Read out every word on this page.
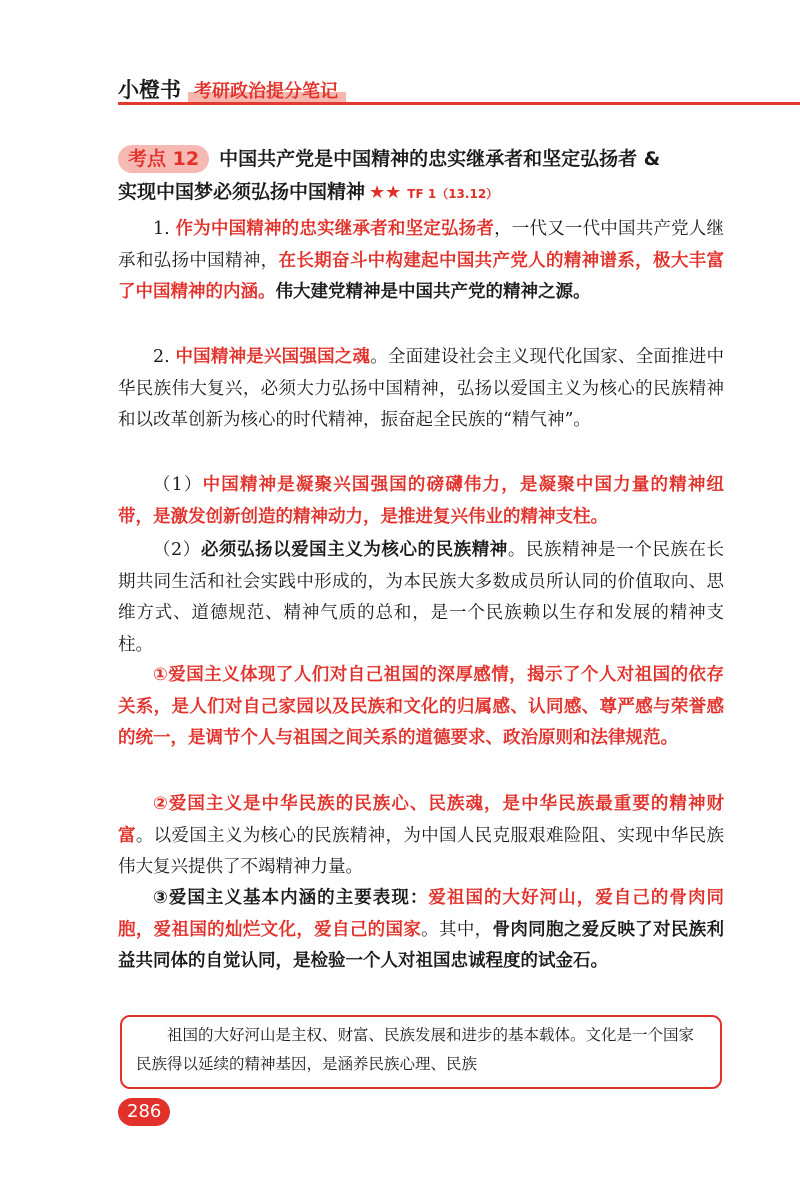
小橙书 考研政治提分笔记
考点 12 中国共产党是中国精神的忠实继承者和坚定弘扬者 &
实现中国梦必须弘扬中国精神 ★★ TF 1（13.12）
1. 作为中国精神的忠实继承者和坚定弘扬者，一代又一代中国共产党人继承和弘扬中国精神，在长期奋斗中构建起中国共产党人的精神谱系，极大丰富了中国精神的内涵。伟大建党精神是中国共产党的精神之源。
2. 中国精神是兴国强国之魂。全面建设社会主义现代化国家、全面推进中华民族伟大复兴，必须大力弘扬中国精神，弘扬以爱国主义为核心的民族精神和以改革创新为核心的时代精神，振奋起全民族的“精气神”。
（1）中国精神是凝聚兴国强国的磅礴伟力，是凝聚中国力量的精神纽带，是激发创新创造的精神动力，是推进复兴伟业的精神支柱。
（2）必须弘扬以爱国主义为核心的民族精神。民族精神是一个民族在长期共同生活和社会实践中形成的，为本民族大多数成员所认同的价值取向、思维方式、道德规范、精神气质的总和，是一个民族赖以生存和发展的精神支柱。
①爱国主义体现了人们对自己祖国的深厚感情，揭示了个人对祖国的依存关系，是人们对自己家园以及民族和文化的归属感、认同感、尊严感与荣誉感的统一，是调节个人与祖国之间关系的道德要求、政治原则和法律规范。
②爱国主义是中华民族的民族心、民族魂，是中华民族最重要的精神财富。以爱国主义为核心的民族精神，为中国人民克服艰难险阻、实现中华民族伟大复兴提供了不竭精神力量。
③爱国主义基本内涵的主要表现：爱祖国的大好河山，爱自己的骨肉同胞，爱祖国的灿烂文化，爱自己的国家。其中，骨肉同胞之爱反映了对民族利益共同体的自觉认同，是检验一个人对祖国忠诚程度的试金石。
祖国的大好河山是主权、财富、民族发展和进步的基本载体。文化是一个国家民族得以延续的精神基因，是涵养民族心理、民族
286
